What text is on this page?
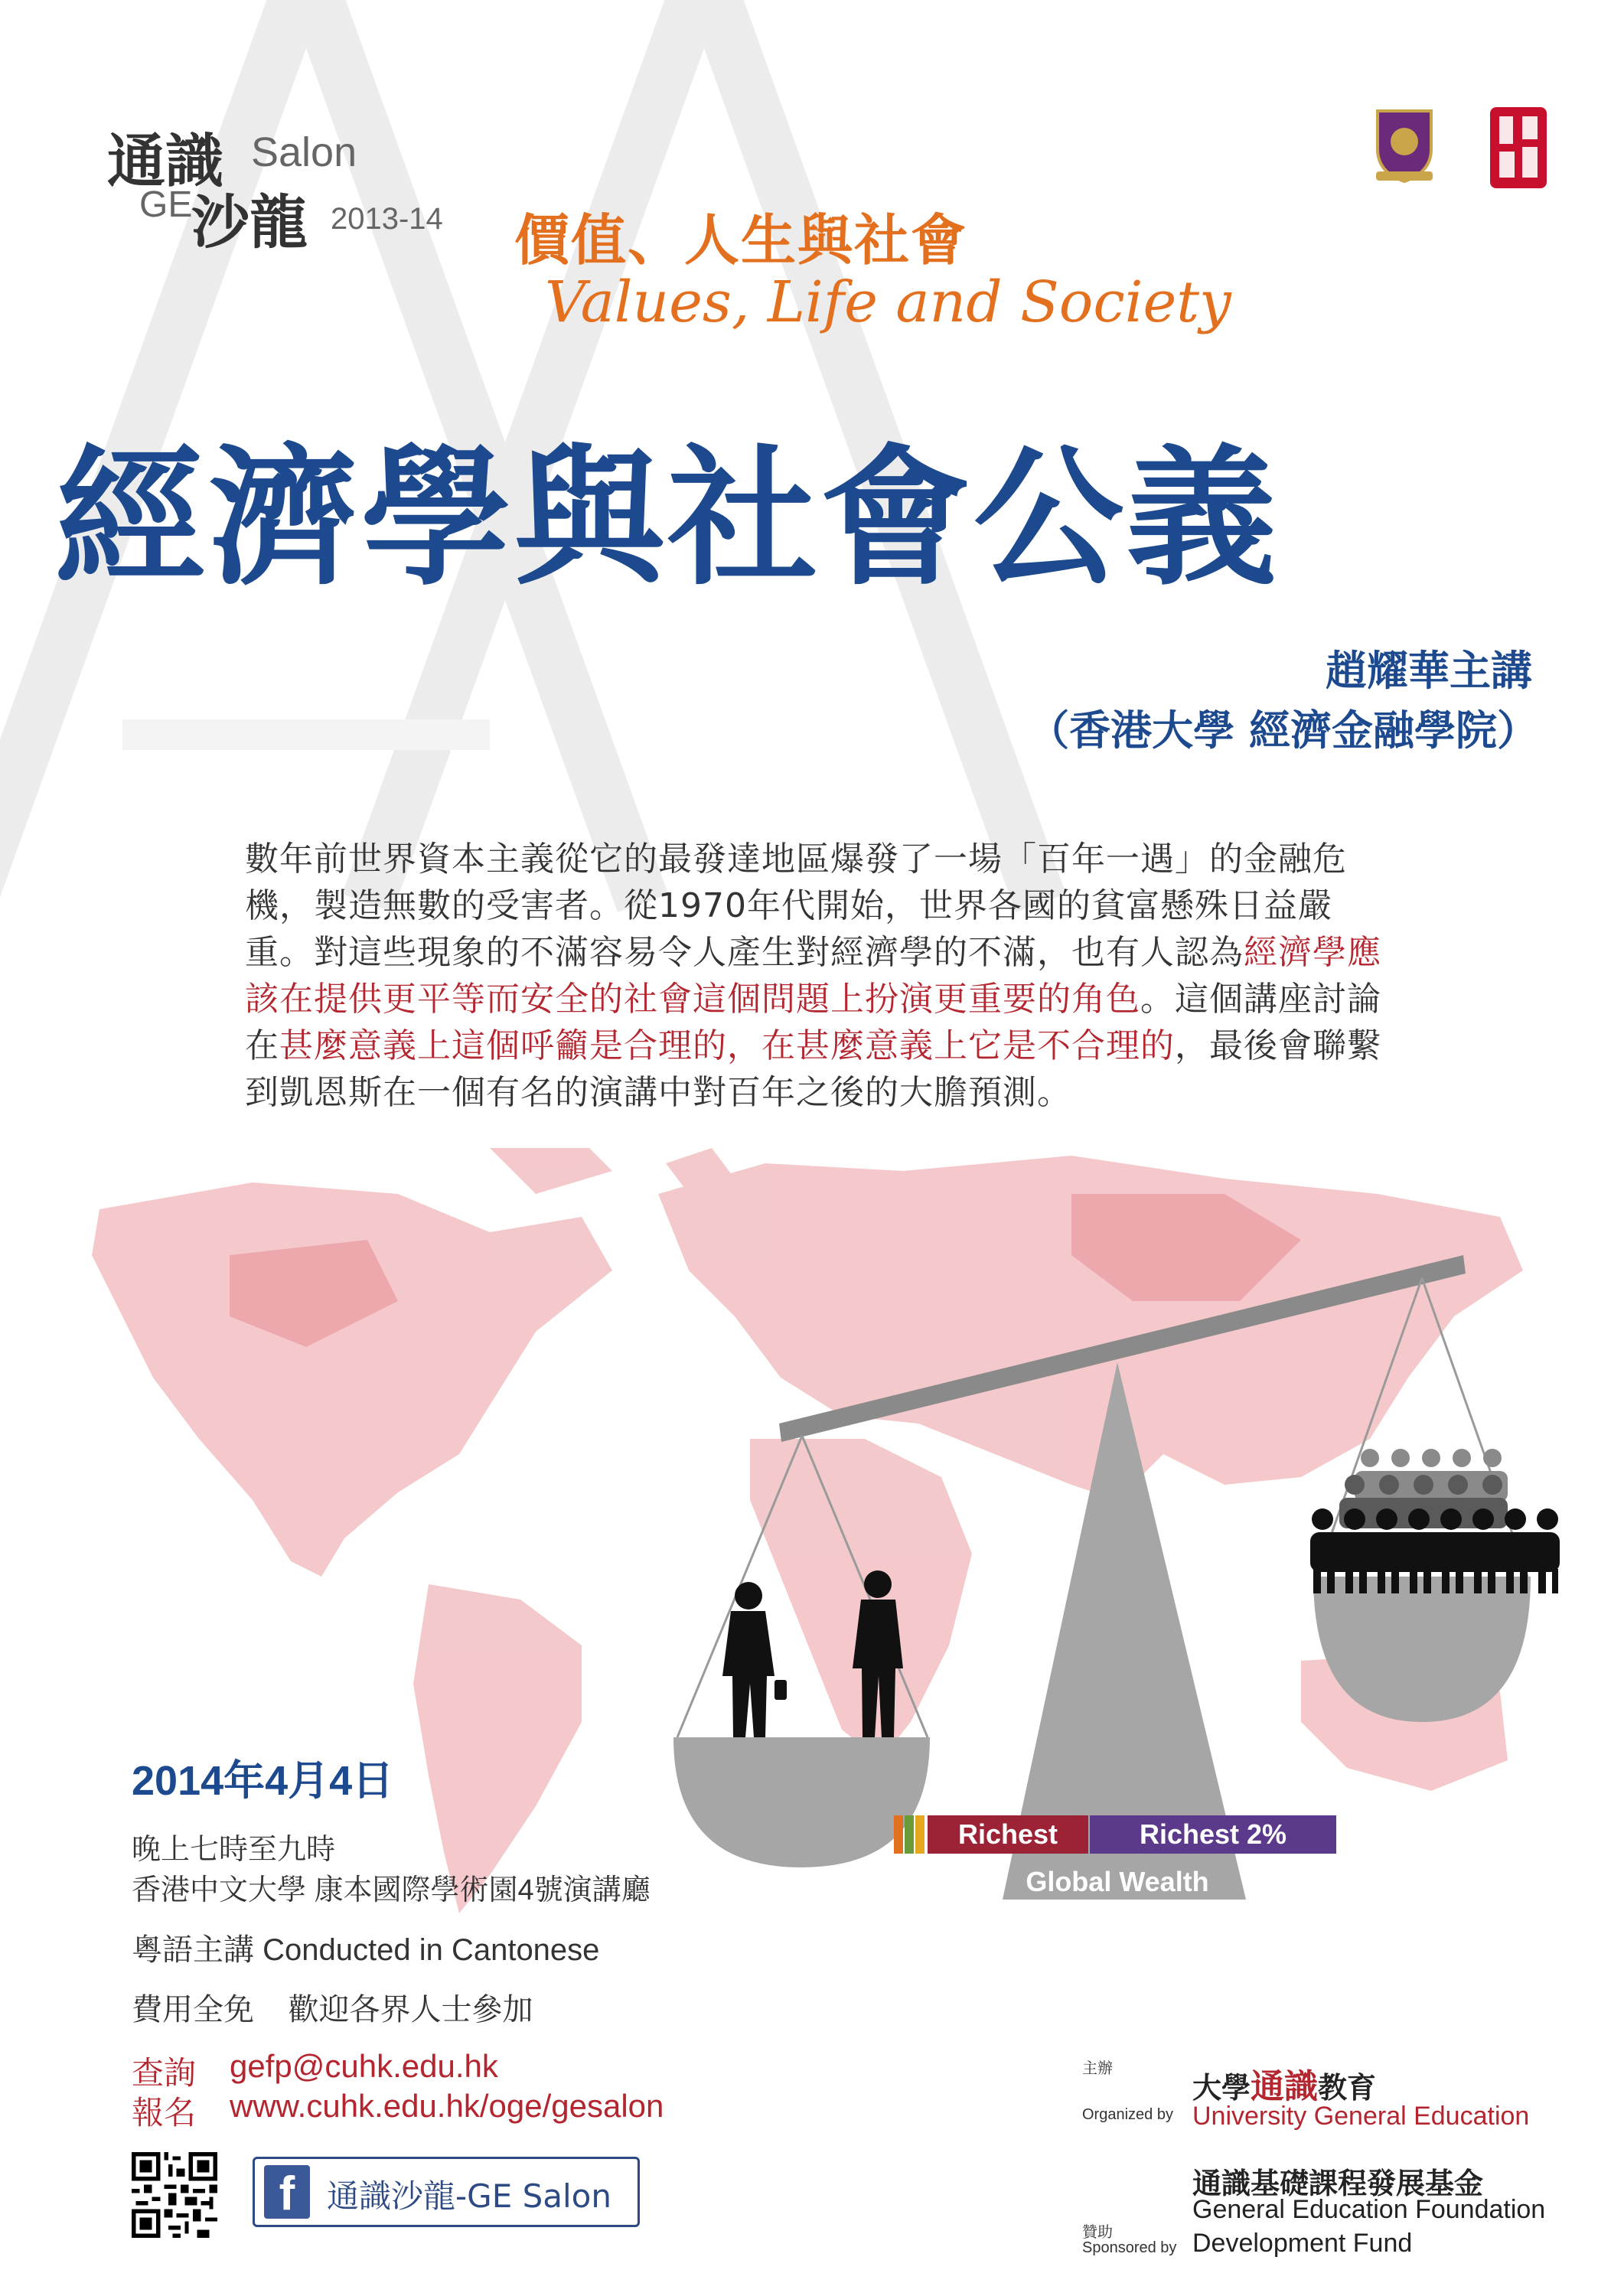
通識 Salon
GE
沙龍 2013-14 價值、人生與社會
Values, Life and Society
經濟學與社會公義
趙耀華主講
（香港大學 經濟金融學院）
數年前世界資本主義從它的最發達地區爆發了一場「百年一遇」的金融危機，製造無數的受害者。從1970年代開始，世界各國的貧富懸殊日益嚴重。對這些現象的不滿容易令人產生對經濟學的不滿，也有人認為經濟學應該在提供更平等而安全的社會這個問題上扮演更重要的角色。這個講座討論在甚麼意義上這個呼籲是合理的，在甚麼意義上它是不合理的，最後會聯繫到凱恩斯在一個有名的演講中對百年之後的大膽預測。
Richest	Richest 2%
Global Wealth
2014年4月4日
晚上七時至九時
香港中文大學 康本國際學術園4號演講廳
粵語主講 Conducted in Cantonese
費用全免    歡迎各界人士參加
查詢 gefp@cuhk.edu.hk
報名 www.cuhk.edu.hk/oge/gesalon
f 通識沙龍-GE Salon
主辦
Organized by
大學通識教育
University General Education
贊助
Sponsored by
通識基礎課程發展基金
General Education Foundation
Development Fund
